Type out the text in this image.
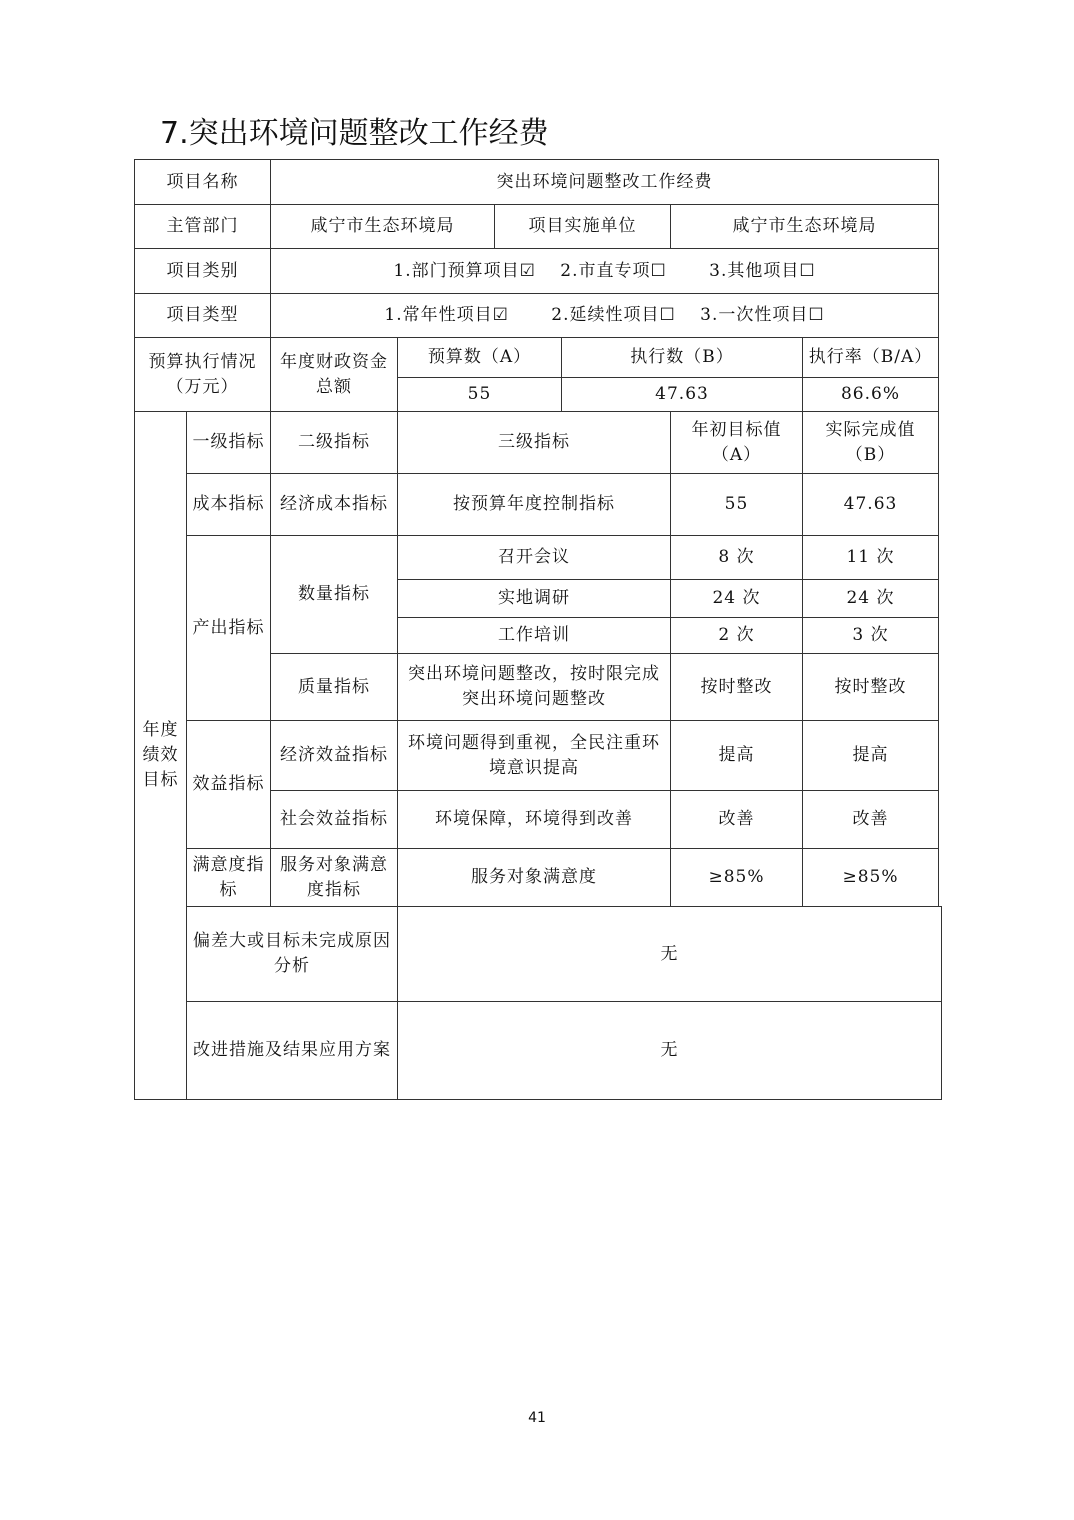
7.突出环境问题整改工作经费
项目名称		突出环境问题整改工作经费					
主管部门		咸宁市生态环境局		项目实施单位		咸宁市生态环境局	
项目类别		1.部门预算项目☑　 2.市直专项☐　　 3.其他项目☐					
项目类型		1.常年性项目☑　　 2.延续性项目☐　 3.一次性项目☐					
预算执行情况（万元）		年度财政资金总额	预算数（A）		执行数（B）		执行率（B/A）
			55		47.63		86.6%
年度绩效目标	一级指标	二级指标	三级指标			年初目标值（A）	实际完成值（B）
	成本指标	经济成本指标	按预算年度控制指标			55	47.63
	产出指标	数量指标	召开会议			8 次	11 次
			实地调研			24 次	24 次
			工作培训			2 次	3 次
		质量指标	突出环境问题整改，按时限完成突出环境问题整改			按时整改	按时整改
	效益指标	经济效益指标	环境问题得到重视，全民注重环境意识提高			提高	提高
		社会效益指标	环境保障，环境得到改善			改善	改善
	满意度指标	服务对象满意度指标	服务对象满意度			≥85%	≥85%
	偏差大或目标未完成原因分析		无				
	改进措施及结果应用方案		无				
41
